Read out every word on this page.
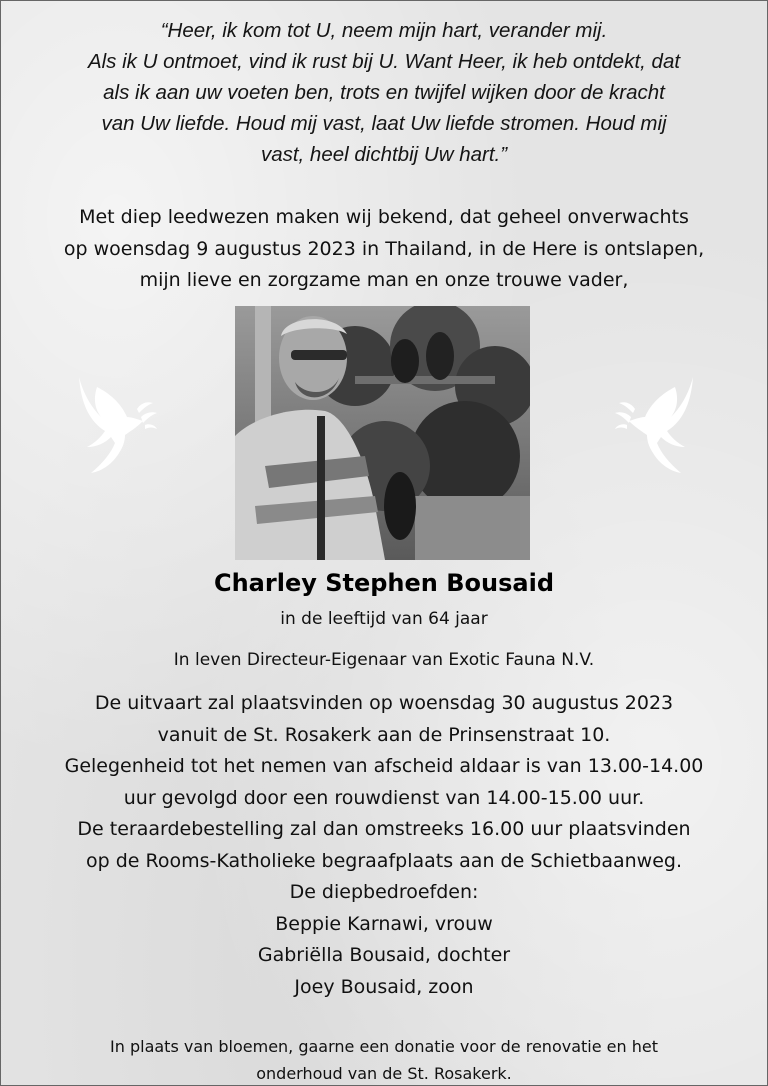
“Heer, ik kom tot U, neem mijn hart, verander mij.
Als ik U ontmoet, vind ik rust bij U. Want Heer, ik heb ontdekt, dat
als ik aan uw voeten ben, trots en twijfel wijken door de kracht
van Uw liefde. Houd mij vast, laat Uw liefde stromen. Houd mij
vast, heel dichtbij Uw hart.”
Met diep leedwezen maken wij bekend, dat geheel onverwachts
op woensdag 9 augustus 2023 in Thailand, in de Here is ontslapen,
mijn lieve en zorgzame man en onze trouwe vader,
Charley Stephen Bousaid
in de leeftijd van 64 jaar
In leven Directeur-Eigenaar van Exotic Fauna N.V.
De uitvaart zal plaatsvinden op woensdag 30 augustus 2023
vanuit de St. Rosakerk aan de Prinsenstraat 10.
Gelegenheid tot het nemen van afscheid aldaar is van 13.00-14.00
uur gevolgd door een rouwdienst van 14.00-15.00 uur.
De teraardebestelling zal dan omstreeks 16.00 uur plaatsvinden
op de Rooms-Katholieke begraafplaats aan de Schietbaanweg.
De diepbedroefden:
Beppie Karnawi, vrouw
Gabriëlla Bousaid, dochter
Joey Bousaid, zoon
In plaats van bloemen, gaarne een donatie voor de renovatie en het
onderhoud van de St. Rosakerk.
